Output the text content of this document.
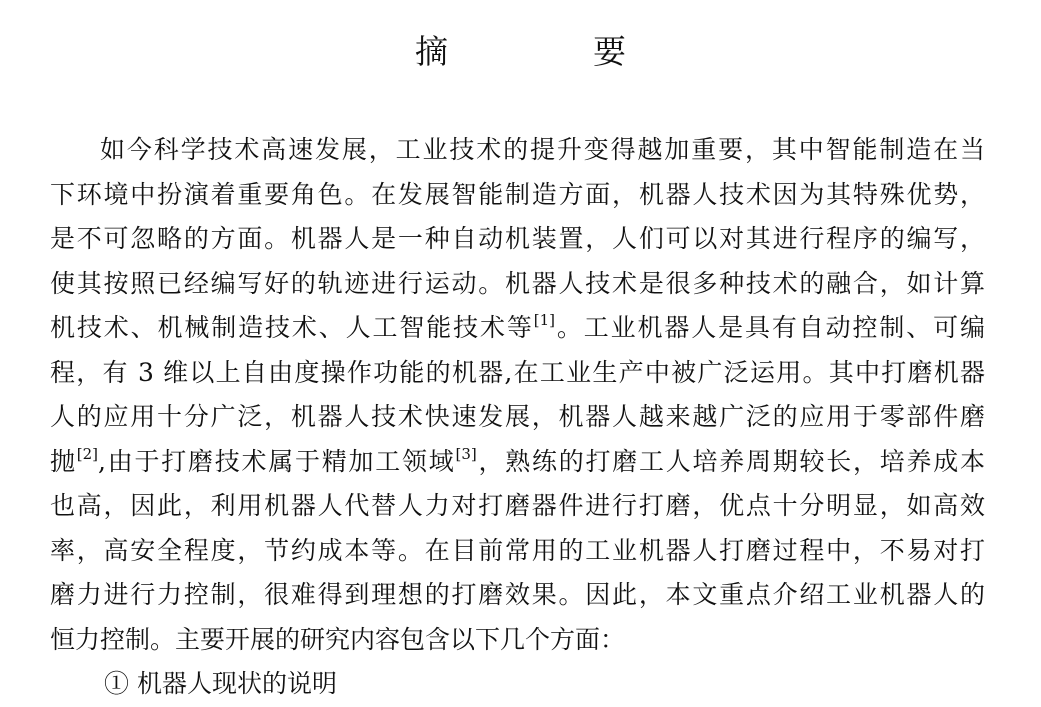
摘　要
如今科学技术高速发展，工业技术的提升变得越加重要，其中智能制造在当
下环境中扮演着重要角色。在发展智能制造方面，机器人技术因为其特殊优势，
是不可忽略的方面。机器人是一种自动机装置，人们可以对其进行程序的编写，
使其按照已经编写好的轨迹进行运动。机器人技术是很多种技术的融合，如计算
机技术、机械制造技术、人工智能技术等[1]。工业机器人是具有自动控制、可编
程，有 3 维以上自由度操作功能的机器,在工业生产中被广泛运用。其中打磨机器
人的应用十分广泛，机器人技术快速发展，机器人越来越广泛的应用于零部件磨
抛[2],由于打磨技术属于精加工领域[3]，熟练的打磨工人培养周期较长，培养成本
也高，因此，利用机器人代替人力对打磨器件进行打磨，优点十分明显，如高效
率，高安全程度，节约成本等。在目前常用的工业机器人打磨过程中，不易对打
磨力进行力控制，很难得到理想的打磨效果。因此，本文重点介绍工业机器人的
恒力控制。主要开展的研究内容包含以下几个方面：
① 机器人现状的说明
